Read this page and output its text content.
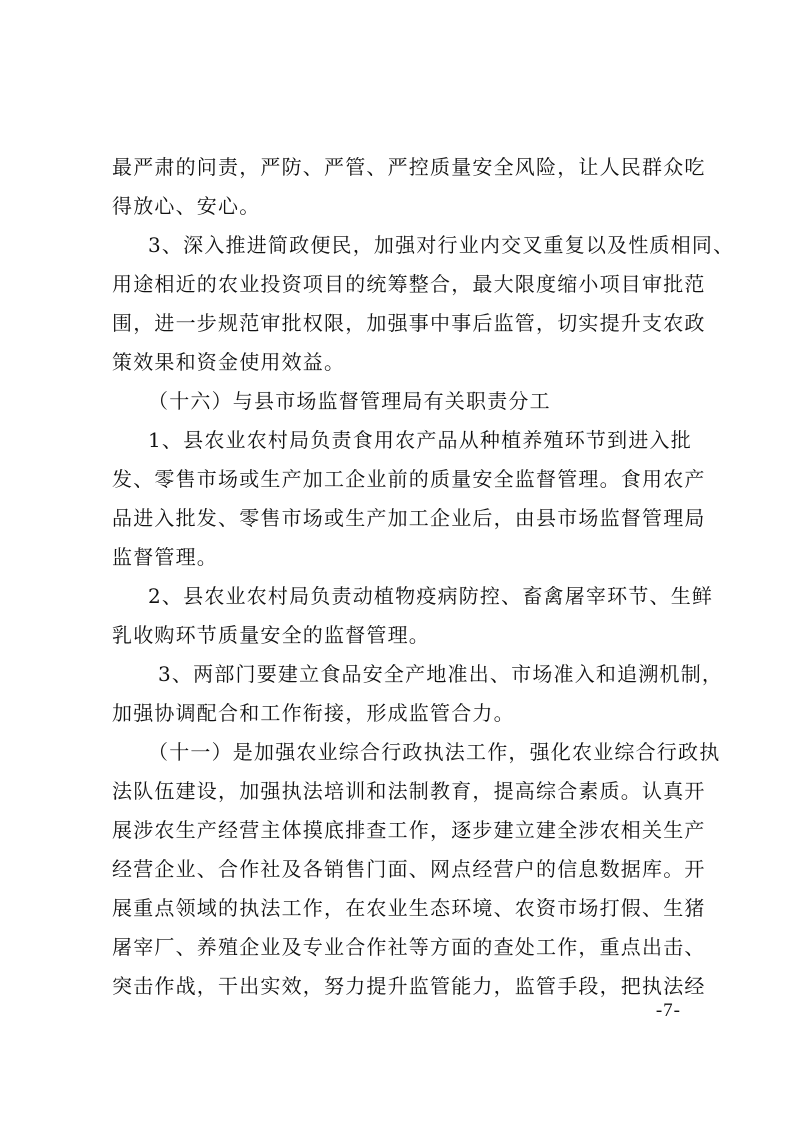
最严肃的问责，严防、严管、严控质量安全风险，让人民群众吃
得放心、安心。
3、深入推进简政便民，加强对行业内交叉重复以及性质相同、
用途相近的农业投资项目的统筹整合，最大限度缩小项目审批范
围，进一步规范审批权限，加强事中事后监管，切实提升支农政
策效果和资金使用效益。
（十六）与县市场监督管理局有关职责分工
1、县农业农村局负责食用农产品从种植养殖环节到进入批
发、零售市场或生产加工企业前的质量安全监督管理。食用农产
品进入批发、零售市场或生产加工企业后，由县市场监督管理局
监督管理。
2、县农业农村局负责动植物疫病防控、畜禽屠宰环节、生鲜
乳收购环节质量安全的监督管理。
3、两部门要建立食品安全产地准出、市场准入和追溯机制，
加强协调配合和工作衔接，形成监管合力。
（十一）是加强农业综合行政执法工作，强化农业综合行政执
法队伍建设，加强执法培训和法制教育，提高综合素质。认真开
展涉农生产经营主体摸底排查工作，逐步建立建全涉农相关生产
经营企业、合作社及各销售门面、网点经营户的信息数据库。开
展重点领域的执法工作，在农业生态环境、农资市场打假、生猪
屠宰厂、养殖企业及专业合作社等方面的查处工作，重点出击、
突击作战，干出实效，努力提升监管能力，监管手段，把执法经
-7-
